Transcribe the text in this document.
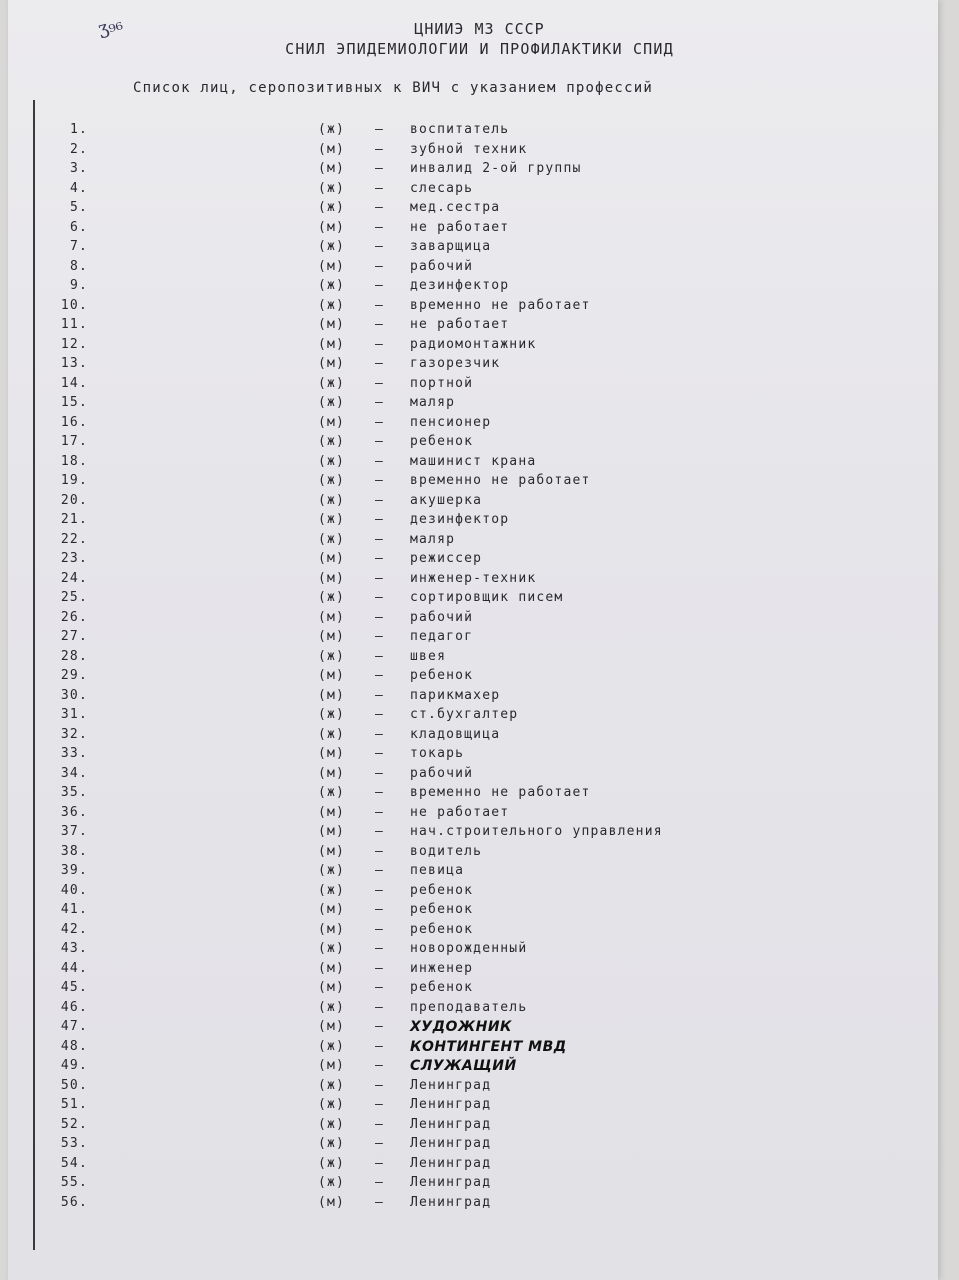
ʒ₉₆	ЦНИИЭ МЗ СССР
СНИЛ ЭПИДЕМИОЛОГИИ И ПРОФИЛАКТИКИ СПИД
Список лиц, серопозитивных к ВИЧ с указанием профессий
1.	(ж) – воспитатель
2.	(м) – зубной техник
3.	(м) – инвалид 2-ой группы
4.	(ж) – слесарь
5.	(ж) – мед.сестра
6.	(м) – не работает
7.	(ж) – заварщица
8.	(м) – рабочий
9.	(ж) – дезинфектор
10.	(ж) – временно не работает
11.	(м) – не работает
12.	(м) – радиомонтажник
13.	(м) – газорезчик
14.	(ж) – портной
15.	(ж) – маляр
16.	(м) – пенсионер
17.	(ж) – ребенок
18.	(ж) – машинист крана
19.	(ж) – временно не работает
20.	(ж) – акушерка
21.	(ж) – дезинфектор
22.	(ж) – маляр
23.	(м) – режиссер
24.	(м) – инженер-техник
25.	(ж) – сортировщик писем
26.	(м) – рабочий
27.	(м) – педагог
28.	(ж) – швея
29.	(м) – ребенок
30.	(м) – парикмахер
31.	(ж) – ст.бухгалтер
32.	(ж) – кладовщица
33.	(м) – токарь
34.	(м) – рабочий
35.	(ж) – временно не работает
36.	(м) – не работает
37.	(м) – нач.строительного управления
38.	(м) – водитель
39.	(ж) – певица
40.	(ж) – ребенок
41.	(м) – ребенок
42.	(м) – ребенок
43.	(ж) – новорожденный
44.	(м) – инженер
45.	(м) – ребенок
46.	(ж) – преподаватель
47.	(м) – ХУДОЖНИК
48.	(ж) – КОНТИНГЕНТ МВД
49.	(м) – СЛУЖАЩИЙ
50.	(ж) – Ленинград
51.	(ж) – Ленинград
52.	(ж) – Ленинград
53.	(ж) – Ленинград
54.	(ж) – Ленинград
55.	(ж) – Ленинград
56.	(м) – Ленинград
